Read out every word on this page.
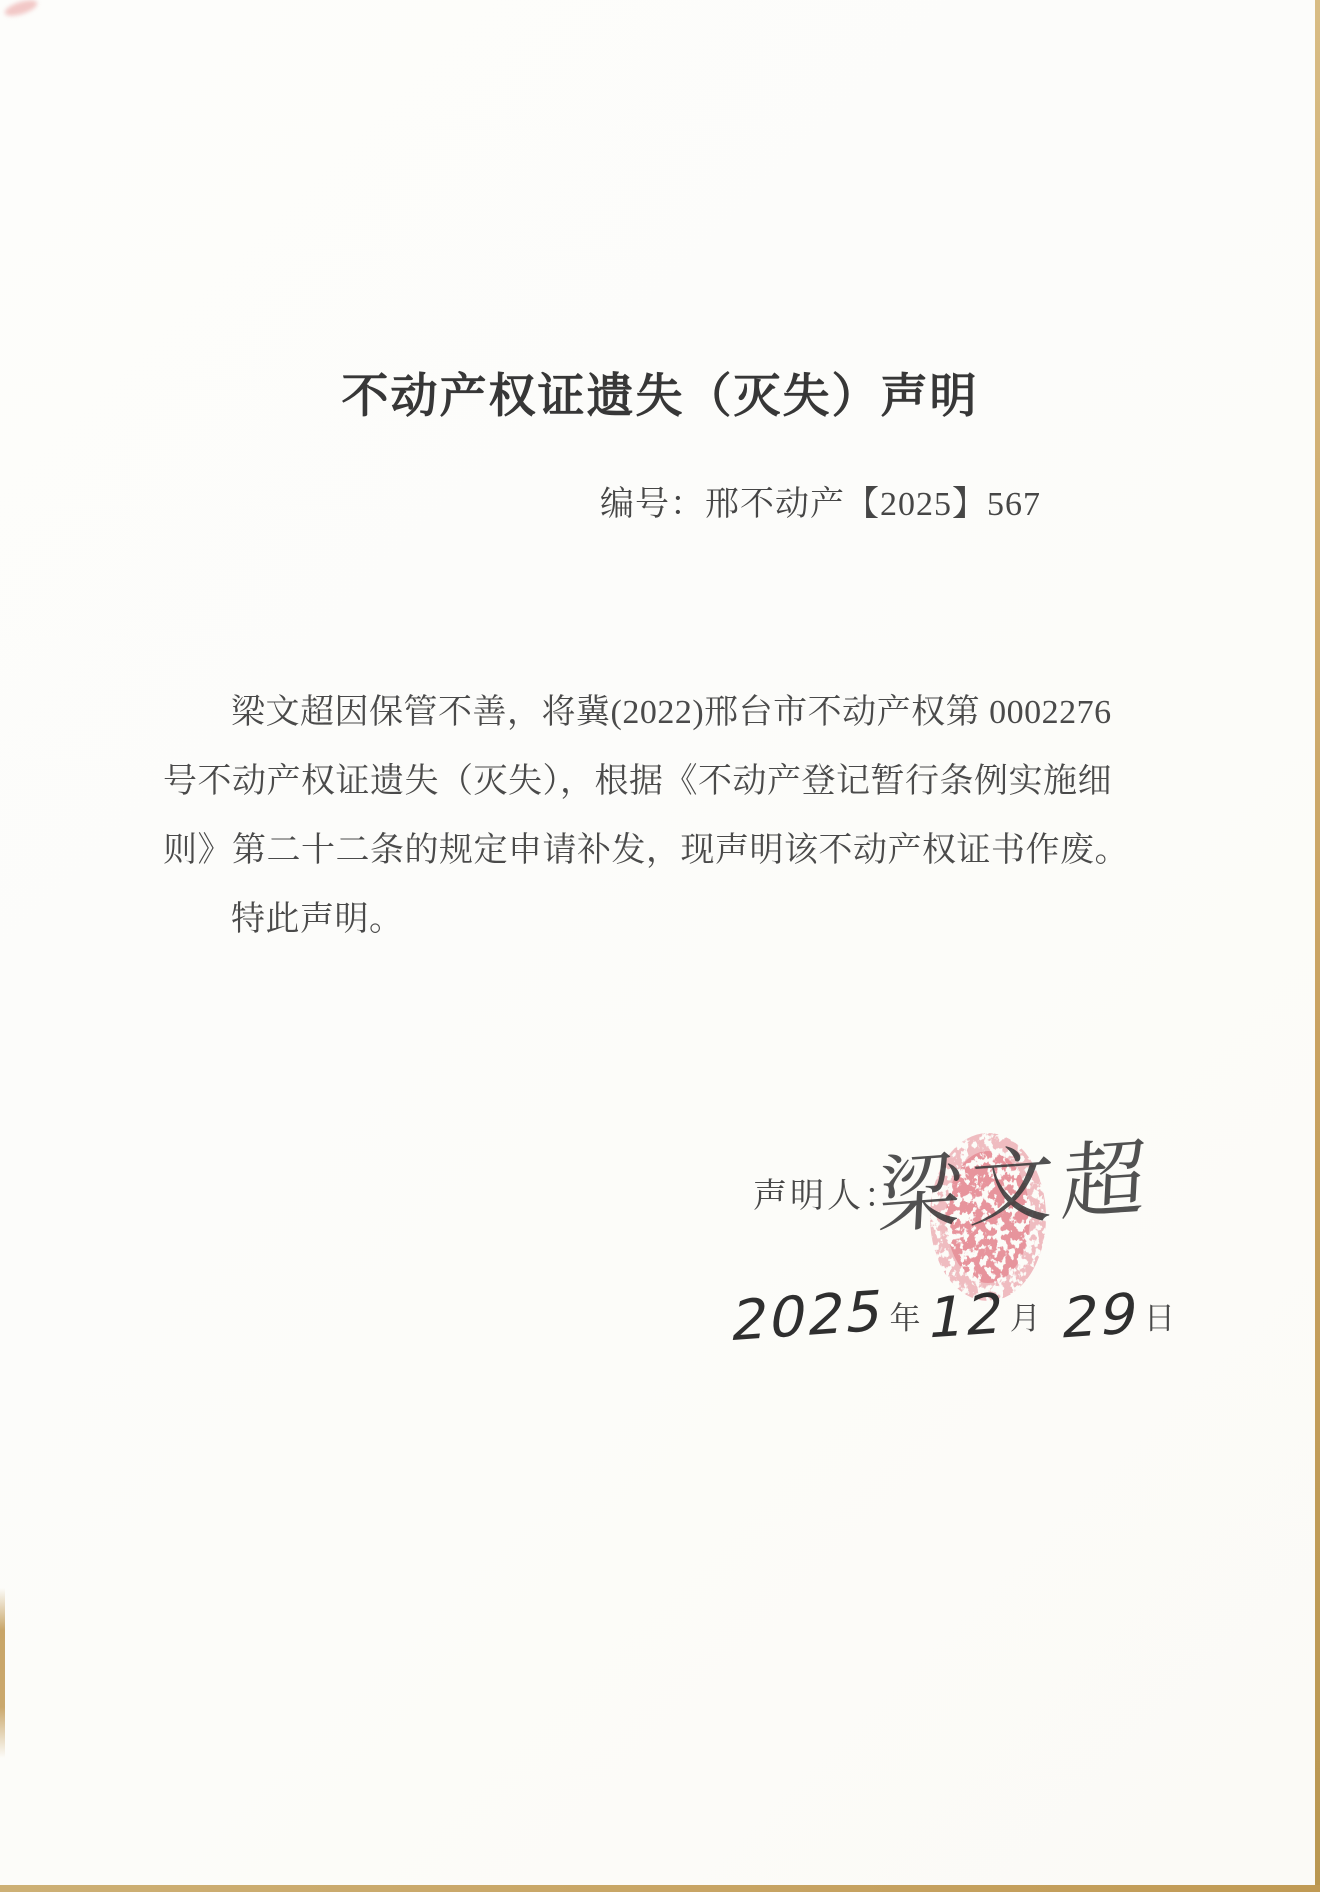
不动产权证遗失（灭失）声明
编号：邢不动产【2025】567
梁文超因保管不善，将冀(2022)邢台市不动产权第 0002276
号不动产权证遗失（灭失），根据《不动产登记暂行条例实施细
则》第二十二条的规定申请补发，现声明该不动产权证书作废。
特此声明。
声明人：
梁文超
2025年12月 29日
